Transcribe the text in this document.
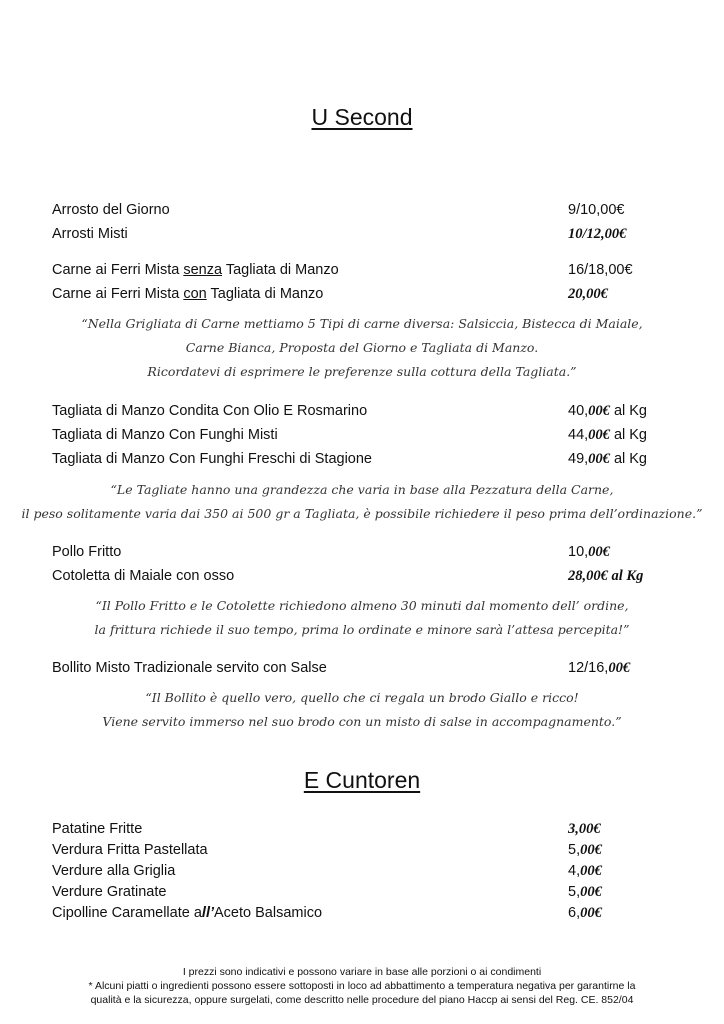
U Second
Arrosto del Giorno	9/10,00€
Arrosti Misti	10/12,00€
Carne ai Ferri Mista senza Tagliata di Manzo	16/18,00€
Carne ai Ferri Mista con Tagliata di Manzo	20,00€
“Nella Grigliata di Carne mettiamo 5 Tipi di carne diversa: Salsiccia, Bistecca di Maiale,
Carne Bianca, Proposta del Giorno e Tagliata di Manzo.
Ricordatevi di esprimere le preferenze sulla cottura della Tagliata.”
Tagliata di Manzo Condita Con Olio E Rosmarino	40,00€ al Kg
Tagliata di Manzo Con Funghi Misti	44,00€ al Kg
Tagliata di Manzo Con Funghi Freschi di Stagione	49,00€ al Kg
“Le Tagliate hanno una grandezza che varia in base alla Pezzatura della Carne,
il peso solitamente varia dai 350 ai 500 gr a Tagliata, è possibile richiedere il peso prima dell’ordinazione.”
Pollo Fritto	10,00€
Cotoletta di Maiale con osso	28,00€ al Kg
“Il Pollo Fritto e le Cotolette richiedono almeno 30 minuti dal momento dell’ ordine,
la frittura richiede il suo tempo, prima lo ordinate e minore sarà l’attesa percepita!”
Bollito Misto Tradizionale servito con Salse	12/16,00€
“Il Bollito è quello vero, quello che ci regala un brodo Giallo e ricco!
Viene servito immerso nel suo brodo con un misto di salse in accompagnamento.”
E Cuntoren
Patatine Fritte	3,00€
Verdura Fritta Pastellata	5,00€
Verdure alla Griglia	4,00€
Verdure Gratinate	5,00€
Cipolline Caramellate all’Aceto Balsamico	6,00€
I prezzi sono indicativi e possono variare in base alle porzioni o ai condimenti
* Alcuni piatti o ingredienti possono essere sottoposti in loco ad abbattimento a temperatura negativa per garantirne la
qualità e la sicurezza, oppure surgelati, come descritto nelle procedure del piano Haccp ai sensi del Reg. CE. 852/04
